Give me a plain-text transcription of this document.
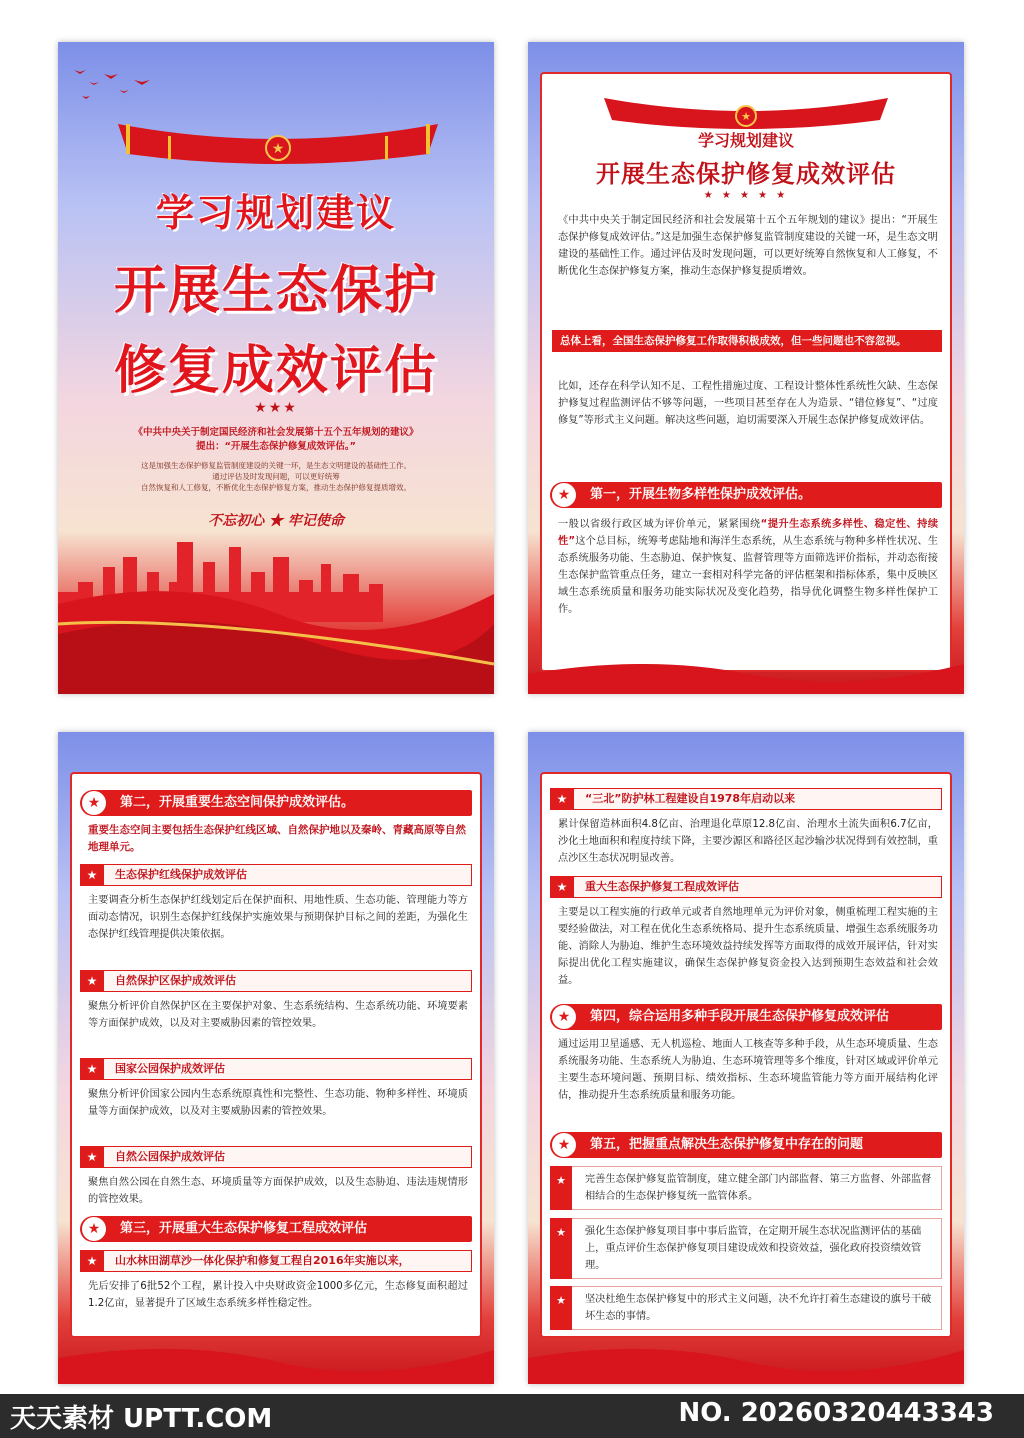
★
学习规划建议
开展生态保护
修复成效评估
★★★
《中共中央关于制定国民经济和社会发展第十五个五年规划的建议》
提出：“开展生态保护修复成效评估。”
这是加强生态保护修复监管制度建设的关键一环，是生态文明建设的基础性工作。
通过评估及时发现问题，可以更好统筹
自然恢复和人工修复，不断优化生态保护修复方案，推动生态保护修复提质增效。
不忘初心 ★ 牢记使命
★
学习规划建议
开展生态保护修复成效评估
★ ★ ★ ★ ★
《中共中央关于制定国民经济和社会发展第十五个五年规划的建议》提出：“开展生态保护修复成效评估。”这是加强生态保护修复监管制度建设的关键一环，是生态文明建设的基础性工作。通过评估及时发现问题，可以更好统筹自然恢复和人工修复，不断优化生态保护修复方案，推动生态保护修复提质增效。
总体上看，全国生态保护修复工作取得积极成效，但一些问题也不容忽视。
比如，还存在科学认知不足、工程性措施过度、工程设计整体性系统性欠缺、生态保护修复过程监测评估不够等问题，一些项目甚至存在人为造景、“错位修复”、“过度修复”等形式主义问题。解决这些问题，迫切需要深入开展生态保护修复成效评估。
★	第一，开展生物多样性保护成效评估。
一般以省级行政区域为评价单元，紧紧围绕“提升生态系统多样性、稳定性、持续性”这个总目标，统筹考虑陆地和海洋生态系统，从生态系统与物种多样性状况、生态系统服务功能、生态胁迫、保护恢复、监督管理等方面筛选评价指标，并动态衔接生态保护监管重点任务，建立一套相对科学完备的评估框架和指标体系，集中反映区域生态系统质量和服务功能实际状况及变化趋势，指导优化调整生物多样性保护工作。
★	第二，开展重要生态空间保护成效评估。
重要生态空间主要包括生态保护红线区域、自然保护地以及秦岭、青藏高原等自然地理单元。
★	生态保护红线保护成效评估
主要调查分析生态保护红线划定后在保护面积、用地性质、生态功能、管理能力等方面动态情况，识别生态保护红线保护实施效果与预期保护目标之间的差距，为强化生态保护红线管理提供决策依据。
★	自然保护区保护成效评估
聚焦分析评价自然保护区在主要保护对象、生态系统结构、生态系统功能、环境要素等方面保护成效，以及对主要威胁因素的管控效果。
★	国家公园保护成效评估
聚焦分析评价国家公园内生态系统原真性和完整性、生态功能、物种多样性、环境质量等方面保护成效，以及对主要威胁因素的管控效果。
★	自然公园保护成效评估
聚焦自然公园在自然生态、环境质量等方面保护成效，以及生态胁迫、违法违规情形的管控效果。
★	第三，开展重大生态保护修复工程成效评估
★	山水林田湖草沙一体化保护和修复工程自2016年实施以来，
先后安排了6批52个工程，累计投入中央财政资金1000多亿元，生态修复面积超过1.2亿亩，显著提升了区域生态系统多样性稳定性。
★	“三北”防护林工程建设自1978年启动以来
累计保留造林面积4.8亿亩、治理退化草原12.8亿亩、治理水土流失面积6.7亿亩，沙化土地面积和程度持续下降，主要沙源区和路径区起沙输沙状况得到有效控制，重点沙区生态状况明显改善。
★	重大生态保护修复工程成效评估
主要是以工程实施的行政单元或者自然地理单元为评价对象，侧重梳理工程实施的主要经验做法，对工程在优化生态系统格局、提升生态系统质量、增强生态系统服务功能、消除人为胁迫、维护生态环境效益持续发挥等方面取得的成效开展评估，针对实际提出优化工程实施建议，确保生态保护修复资金投入达到预期生态效益和社会效益。
★	第四，综合运用多种手段开展生态保护修复成效评估
通过运用卫星遥感、无人机巡检、地面人工核查等多种手段，从生态环境质量、生态系统服务功能、生态系统人为胁迫、生态环境管理等多个维度，针对区域或评价单元主要生态环境问题、预期目标、绩效指标、生态环境监管能力等方面开展结构化评估，推动提升生态系统质量和服务功能。
★	第五，把握重点解决生态保护修复中存在的问题
★	完善生态保护修复监管制度，建立健全部门内部监督、第三方监督、外部监督相结合的生态保护修复统一监管体系。
★	强化生态保护修复项目事中事后监管，在定期开展生态状况监测评估的基础上，重点评价生态保护修复项目建设成效和投资效益，强化政府投资绩效管理。
★	坚决杜绝生态保护修复中的形式主义问题，决不允许打着生态建设的旗号干破坏生态的事情。
天天素材 UPTT.COM	NO. 20260320443343
